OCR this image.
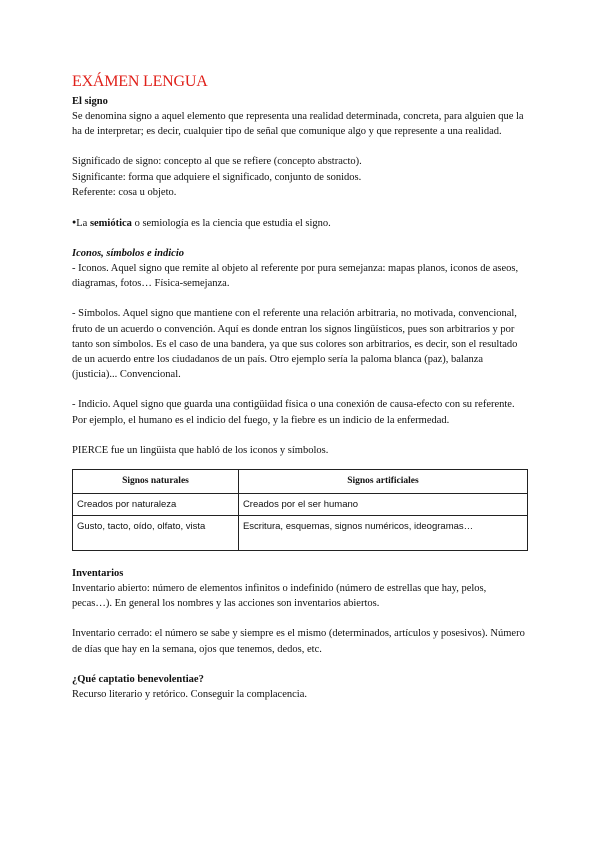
EXÁMEN LENGUA

El signo

Se denomina signo a aquel elemento que representa una realidad determinada, concreta, para alguien que la ha de interpretar; es decir, cualquier tipo de señal que comunique algo y que represente a una realidad.

Significado de signo: concepto al que se refiere (concepto abstracto).

Significante: forma que adquiere el significado, conjunto de sonidos.

Referente: cosa u objeto.

●La semiótica o semiología es la ciencia que estudia el signo.

Iconos, símbolos e indicio

- Iconos. Aquel signo que remite al objeto al referente por pura semejanza: mapas planos, iconos de aseos, diagramas, fotos… Física-semejanza.

- Símbolos. Aquel signo que mantiene con el referente una relación arbitraria, no motivada, convencional, fruto de un acuerdo o convención. Aquí es donde entran los signos lingüísticos, pues son arbitrarios y por tanto son símbolos. Es el caso de una bandera, ya que sus colores son arbitrarios, es decir, son el resultado de un acuerdo entre los ciudadanos de un país. Otro ejemplo sería la paloma blanca (paz), balanza (justicia)... Convencional.

- Indicio. Aquel signo que guarda una contigüidad física o una conexión de causa-efecto con su referente. Por ejemplo, el humano es el indicio del fuego, y la fiebre es un indicio de la enfermedad.

PIERCE fue un lingüista que habló de los iconos y símbolos.

Signos naturales	Signos artificiales
Creados por naturaleza	Creados por el ser humano
Gusto, tacto, oído, olfato, vista	Escritura, esquemas, signos numéricos, ideogramas…

Inventarios

Inventario abierto: número de elementos infinitos o indefinido (número de estrellas que hay, pelos, pecas…). En general los nombres y las acciones son inventarios abiertos.

Inventario cerrado: el número se sabe y siempre es el mismo (determinados, artículos y posesivos). Número de días que hay en la semana, ojos que tenemos, dedos, etc.

¿Qué captatio benevolentiae?

Recurso literario y retórico. Conseguir la complacencia.
